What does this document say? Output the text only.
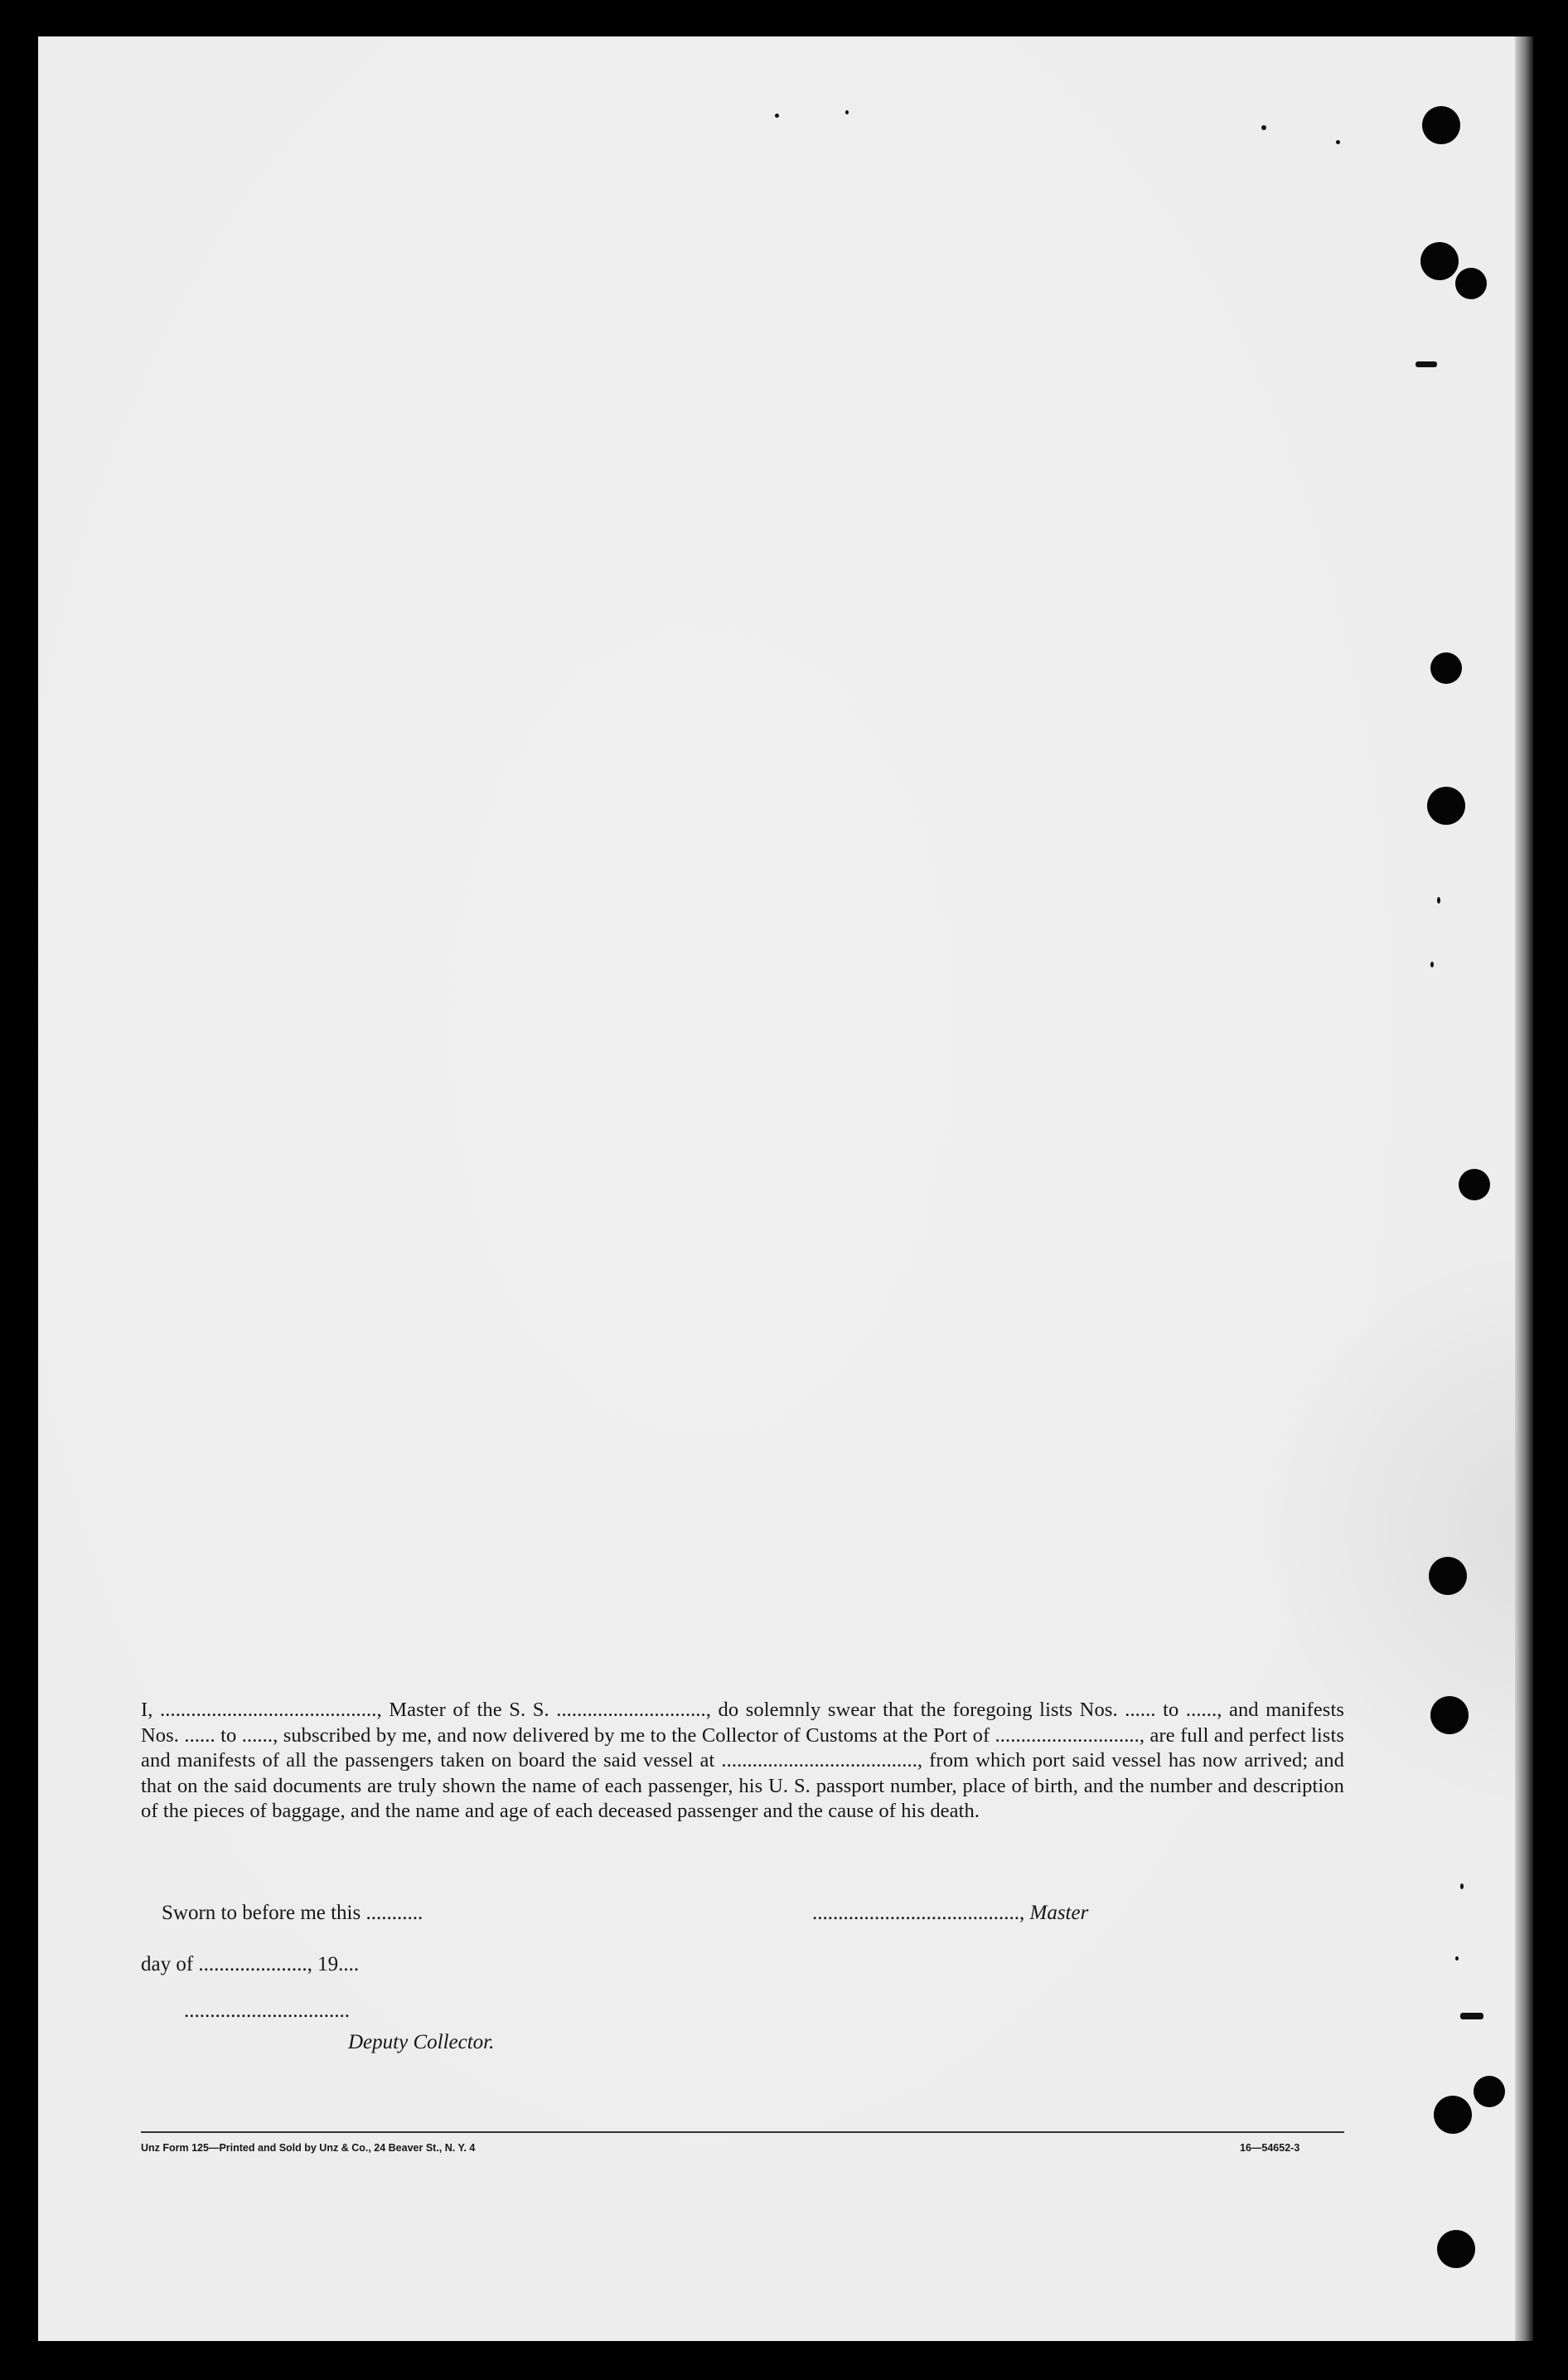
I, .........................................., Master of the S. S. ............................., do solemnly swear that the foregoing lists Nos. ...... to ......, and manifests Nos. ...... to ......, subscribed by me, and now delivered by me to the Collector of Customs at the Port of ............................, are full and perfect lists and manifests of all the passengers taken on board the said vessel at ......................................, from which port said vessel has now arrived; and that on the said documents are truly shown the name of each passenger, his U. S. passport number, place of birth, and the number and description of the pieces of baggage, and the name and age of each deceased passenger and the cause of his death.
Sworn to before me this ...........	........................................, Master
day of ....................., 19....
................................
Deputy Collector.
Unz Form 125—Printed and Sold by Unz & Co., 24 Beaver St., N. Y. 4	16—54652-3
